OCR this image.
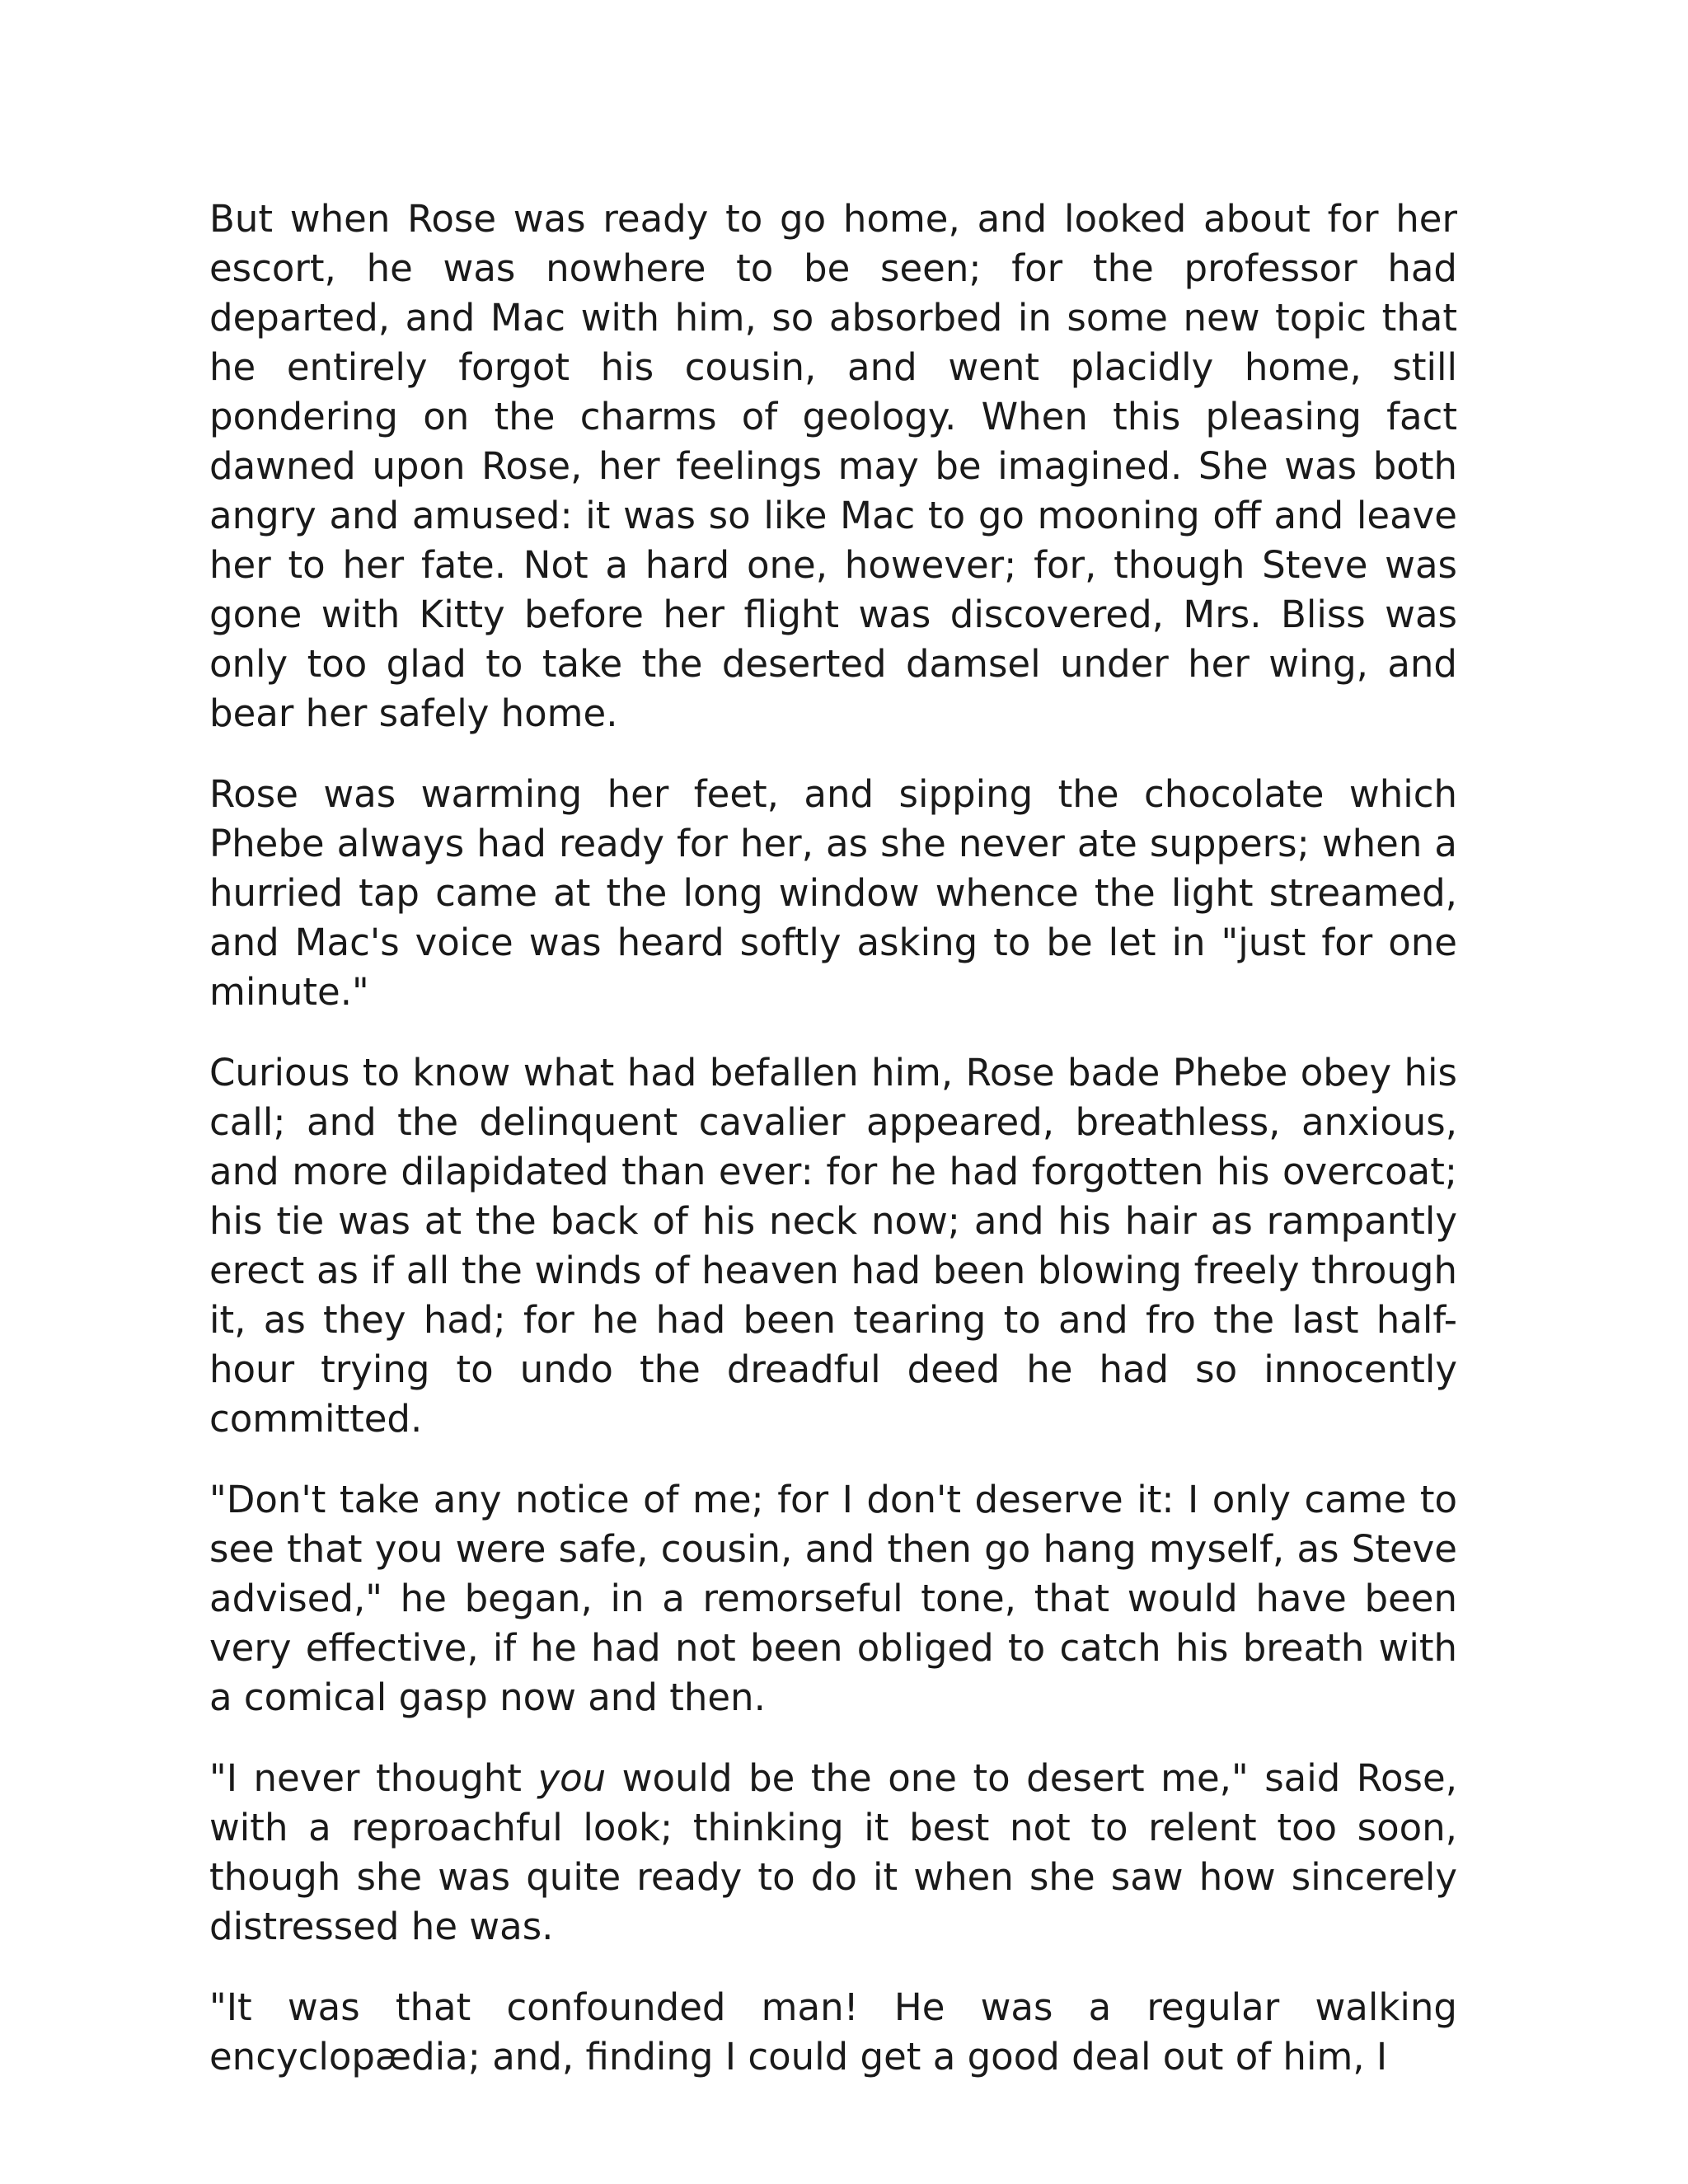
But when Rose was ready to go home, and looked about for her escort, he was nowhere to be seen; for the professor had departed, and Mac with him, so absorbed in some new topic that he entirely forgot his cousin, and went placidly home, still pondering on the charms of geology. When this pleasing fact dawned upon Rose, her feelings may be imagined. She was both angry and amused: it was so like Mac to go mooning off and leave her to her fate. Not a hard one, however; for, though Steve was gone with Kitty before her flight was discovered, Mrs. Bliss was only too glad to take the deserted damsel under her wing, and bear her safely home.

Rose was warming her feet, and sipping the chocolate which Phebe always had ready for her, as she never ate suppers; when a hurried tap came at the long window whence the light streamed, and Mac's voice was heard softly asking to be let in "just for one minute."

Curious to know what had befallen him, Rose bade Phebe obey his call; and the delinquent cavalier appeared, breathless, anxious, and more dilapidated than ever: for he had forgotten his overcoat; his tie was at the back of his neck now; and his hair as rampantly erect as if all the winds of heaven had been blowing freely through it, as they had; for he had been tearing to and fro the last half-hour trying to undo the dreadful deed he had so innocently committed.

"Don't take any notice of me; for I don't deserve it: I only came to see that you were safe, cousin, and then go hang myself, as Steve advised," he began, in a remorseful tone, that would have been very effective, if he had not been obliged to catch his breath with a comical gasp now and then.

"I never thought you would be the one to desert me," said Rose, with a reproachful look; thinking it best not to relent too soon, though she was quite ready to do it when she saw how sincerely distressed he was.

"It was that confounded man! He was a regular walking encyclopædia; and, finding I could get a good deal out of him, I
